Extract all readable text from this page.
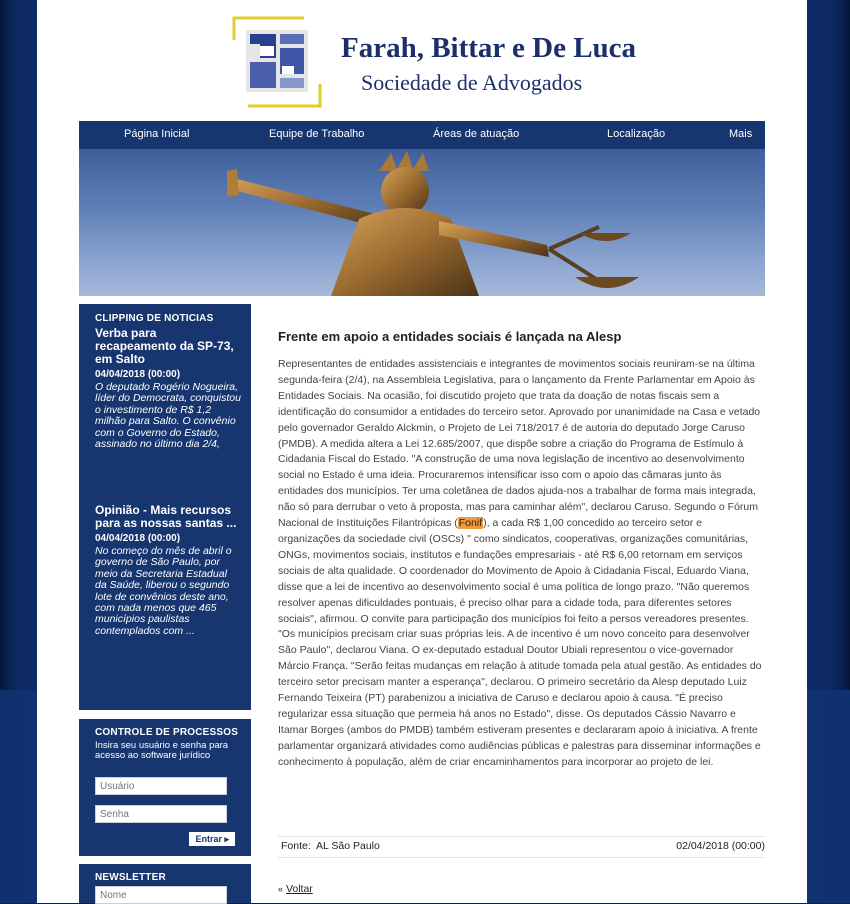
Farah, Bittar e De Luca
Sociedade de Advogados
Página Inicial	Equipe de Trabalho	Áreas de atuação	Localização	Mais
CLIPPING DE NOTICIAS
Verba para recapeamento da SP-73, em Salto
04/04/2018 (00:00)
O deputado Rogério Nogueira, líder do Democrata, conquistou o investimento de R$ 1,2 milhão para Salto. O convênio com o Governo do Estado, assinado no último dia 2/4,
Opinião - Mais recursos para as nossas santas ...
04/04/2018 (00:00)
No começo do mês de abril o governo de São Paulo, por meio da Secretaria Estadual da Saúde, liberou o segundo lote de convênios deste ano, com nada menos que 465 municípios paulistas contemplados com ...
CONTROLE DE PROCESSOS
Insira seu usuário e senha para acesso ao software jurídico
Usuário
Entrar ▸
NEWSLETTER
Nome
Frente em apoio a entidades sociais é lançada na Alesp
Representantes de entidades assistenciais e integrantes de movimentos sociais reuniram-se na última segunda-feira (2/4), na Assembleia Legislativa, para o lançamento da Frente Parlamentar em Apoio às Entidades Sociais. Na ocasião, foi discutido projeto que trata da doação de notas fiscais sem a identificação do consumidor a entidades do terceiro setor. Aprovado por unanimidade na Casa e vetado pelo governador Geraldo Alckmin, o Projeto de Lei 718/2017 é de autoria do deputado Jorge Caruso (PMDB). A medida altera a Lei 12.685/2007, que dispõe sobre a criação do Programa de Estímulo à Cidadania Fiscal do Estado. "A construção de uma nova legislação de incentivo ao desenvolvimento social no Estado é uma ideia. Procuraremos intensificar isso com o apoio das câmaras junto às entidades dos municípios. Ter uma coletânea de dados ajuda-nos a trabalhar de forma mais integrada, não só para derrubar o veto à proposta, mas para caminhar além", declarou Caruso. Segundo o Fórum Nacional de Instituições Filantrópicas (Fonif), a cada R$ 1,00 concedido ao terceiro setor e organizações da sociedade civil (OSCs) " como sindicatos, cooperativas, organizações comunitárias, ONGs, movimentos sociais, institutos e fundações empresariais - até R$ 6,00 retornam em serviços sociais de alta qualidade. O coordenador do Movimento de Apoio à Cidadania Fiscal, Eduardo Viana, disse que a lei de incentivo ao desenvolvimento social é uma política de longo prazo. "Não queremos resolver apenas dificuldades pontuais, é preciso olhar para a cidade toda, para diferentes setores sociais", afirmou. O convite para participação dos municípios foi feito a persos vereadores presentes. "Os municípios precisam criar suas próprias leis. A de incentivo é um novo conceito para desenvolver São Paulo", declarou Viana. O ex-deputado estadual Doutor Ubiali representou o vice-governador Márcio França. "Serão feitas mudanças em relação à atitude tomada pela atual gestão. As entidades do terceiro setor precisam manter a esperança", declarou. O primeiro secretário da Alesp deputado Luiz Fernando Teixeira (PT) parabenizou a iniciativa de Caruso e declarou apoio à causa. "É preciso regularizar essa situação que permeia há anos no Estado", disse. Os deputados Cássio Navarro e Itamar Borges (ambos do PMDB) também estiveram presentes e declararam apoio à iniciativa. A frente parlamentar organizará atividades como audiências públicas e palestras para disseminar informações e conhecimento à população, além de criar encaminhamentos para incorporar ao projeto de lei.
Fonte: AL São Paulo	02/04/2018 (00:00)
« Voltar
